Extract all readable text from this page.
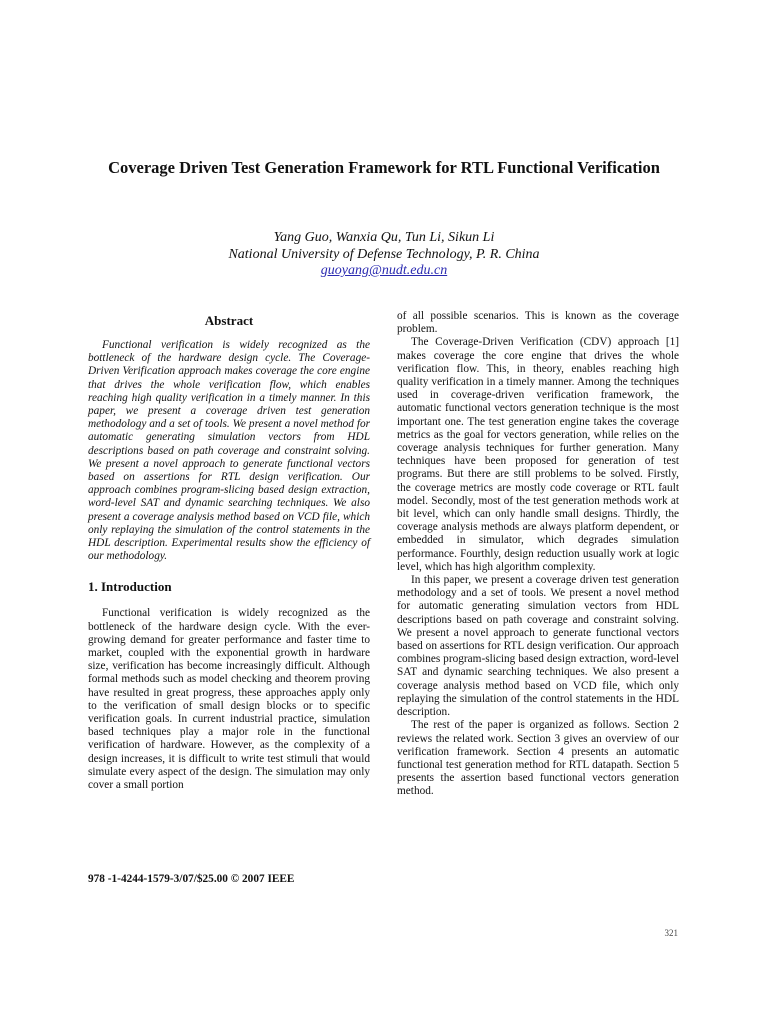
Coverage Driven Test Generation Framework for RTL Functional Verification
Yang Guo, Wanxia Qu, Tun Li, Sikun Li
National University of Defense Technology, P. R. China
guoyang@nudt.edu.cn
Abstract

Functional verification is widely recognized as the bottleneck of the hardware design cycle. The Coverage-Driven Verification approach makes coverage the core engine that drives the whole verification flow, which enables reaching high quality verification in a timely manner. In this paper, we present a coverage driven test generation methodology and a set of tools. We present a novel method for automatic generating simulation vectors from HDL descriptions based on path coverage and constraint solving. We present a novel approach to generate functional vectors based on assertions for RTL design verification. Our approach combines program-slicing based design extraction, word-level SAT and dynamic searching techniques. We also present a coverage analysis method based on VCD file, which only replaying the simulation of the control statements in the HDL description. Experimental results show the efficiency of our methodology.

1. Introduction

Functional verification is widely recognized as the bottleneck of the hardware design cycle. With the ever-growing demand for greater performance and faster time to market, coupled with the exponential growth in hardware size, verification has become increasingly difficult. Although formal methods such as model checking and theorem proving have resulted in great progress, these approaches apply only to the verification of small design blocks or to specific verification goals. In current industrial practice, simulation based techniques play a major role in the functional verification of hardware. However, as the complexity of a design increases, it is difficult to write test stimuli that would simulate every aspect of the design. The simulation may only cover a small portion

of all possible scenarios. This is known as the coverage problem.

The Coverage-Driven Verification (CDV) approach [1] makes coverage the core engine that drives the whole verification flow. This, in theory, enables reaching high quality verification in a timely manner. Among the techniques used in coverage-driven verification framework, the automatic functional vectors generation technique is the most important one. The test generation engine takes the coverage metrics as the goal for vectors generation, while relies on the coverage analysis techniques for further generation. Many techniques have been proposed for generation of test programs. But there are still problems to be solved. Firstly, the coverage metrics are mostly code coverage or RTL fault model. Secondly, most of the test generation methods work at bit level, which can only handle small designs. Thirdly, the coverage analysis methods are always platform dependent, or embedded in simulator, which degrades simulation performance. Fourthly, design reduction usually work at logic level, which has high algorithm complexity.

In this paper, we present a coverage driven test generation methodology and a set of tools. We present a novel method for automatic generating simulation vectors from HDL descriptions based on path coverage and constraint solving. We present a novel approach to generate functional vectors based on assertions for RTL design verification. Our approach combines program-slicing based design extraction, word-level SAT and dynamic searching techniques. We also present a coverage analysis method based on VCD file, which only replaying the simulation of the control statements in the HDL description.

The rest of the paper is organized as follows. Section 2 reviews the related work. Section 3 gives an overview of our verification framework. Section 4 presents an automatic functional test generation method for RTL datapath. Section 5 presents the assertion based functional vectors generation method.

978 -1-4244-1579-3/07/$25.00 © 2007 IEEE
321
